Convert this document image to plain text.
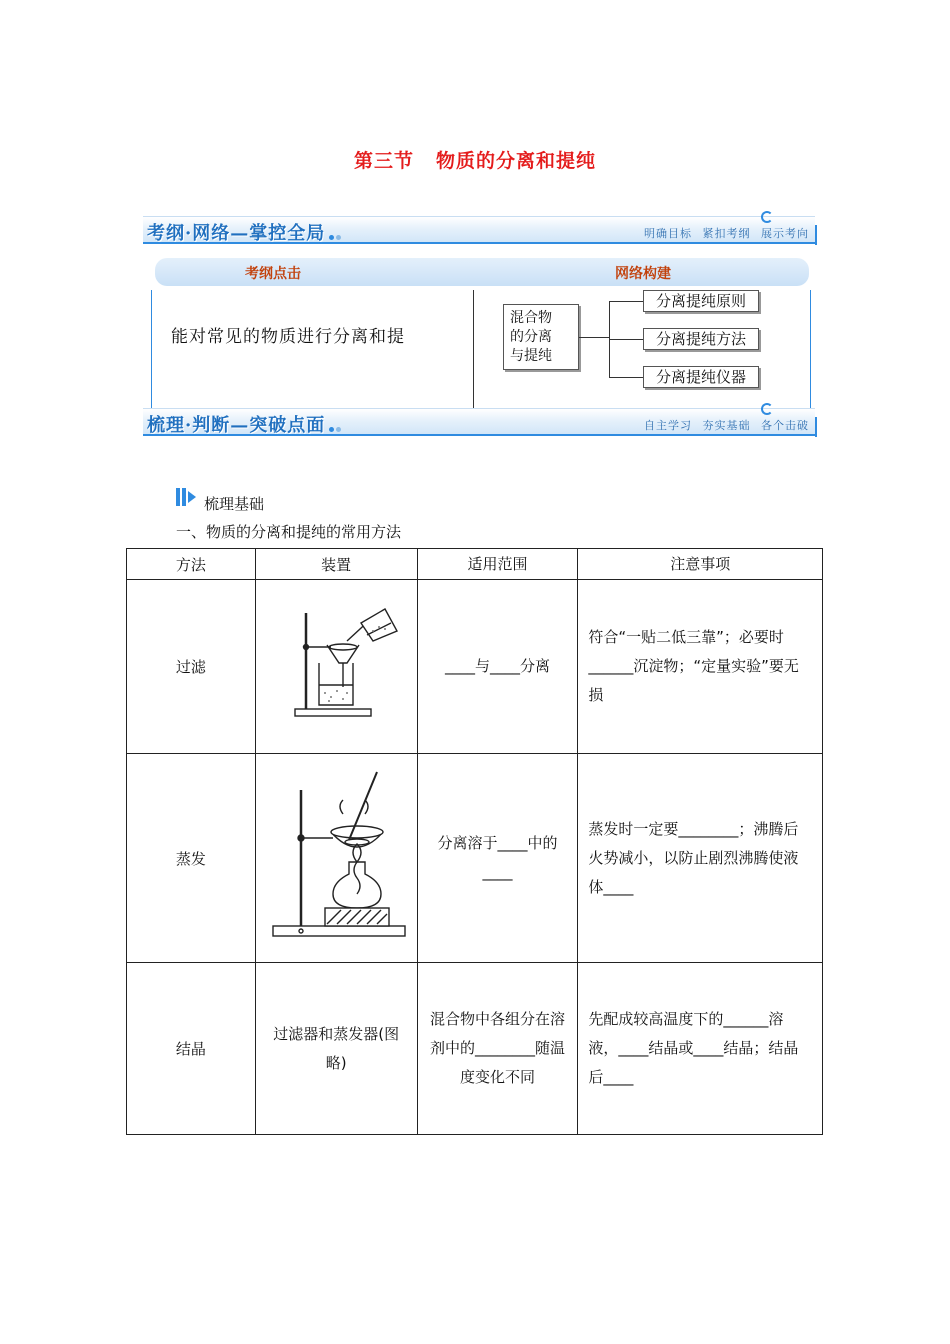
第三节 物质的分离和提纯
考纲·网络—掌控全局	明确目标 紧扣考纲 展示考向
考纲点击	网络构建
能对常见的物质进行分离和提
混合物
的分离
与提纯
分离提纯原则
分离提纯方法
分离提纯仪器
梳理·判断—突破点面	自主学习 夯实基础 各个击破
梳理基础
一、物质的分离和提纯的常用方法
方法	装置	适用范围	注意事项
过滤		____与____分离	符合“一贴二低三靠”；必要时______沉淀物；“定量实验”要无损
蒸发		分离溶于____中的____	蒸发时一定要________；沸腾后火势减小，以防止剧烈沸腾使液体____
结晶	过滤器和蒸发器(图略)	混合物中各组分在溶剂中的________随温度变化不同	先配成较高温度下的______溶液，____结晶或____结晶；结晶后____
